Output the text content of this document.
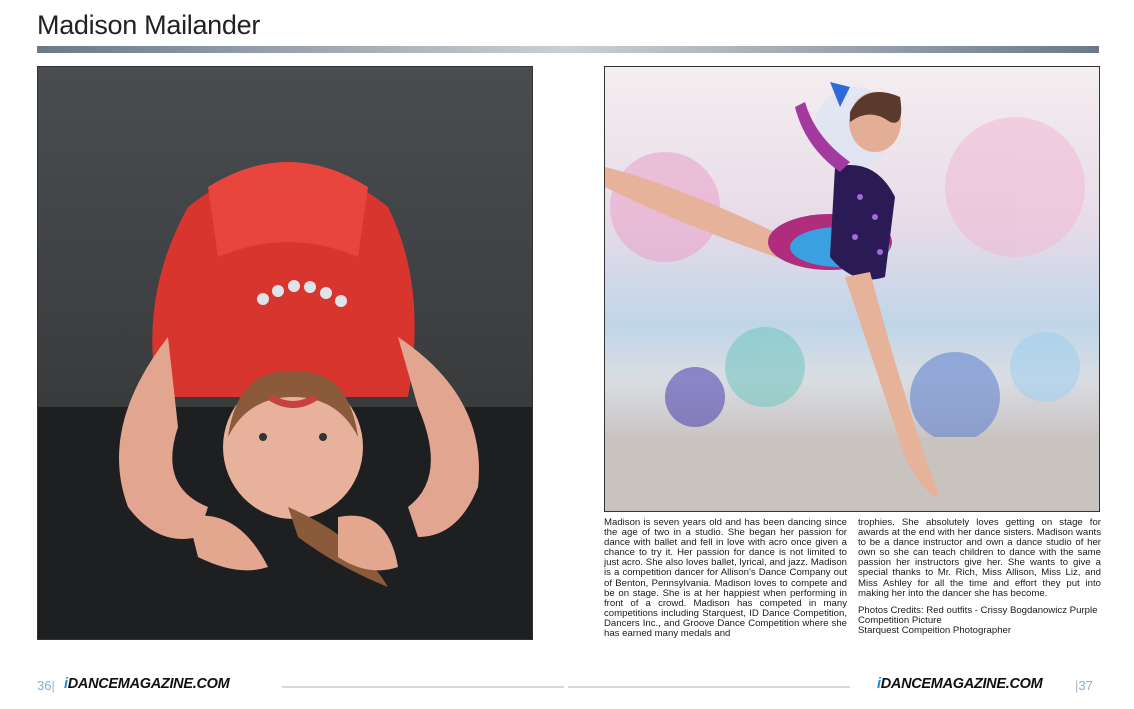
Madison Mailander

Madison is seven years old and has been dancing since the age of two in a studio. She began her passion for dance with ballet and fell in love with acro once given a chance to try it. Her passion for dance is not limited to just acro. She also loves ballet, lyrical, and jazz. Madison is a competition dancer for Allison's Dance Company out of Benton, Pennsylvania. Madison loves to compete and be on stage. She is at her happiest when performing in front of a crowd. Madison has competed in many competitions including Starquest, ID Dance Competition, Dancers Inc., and Groove Dance Competition where she has earned many medals and

trophies. She absolutely loves getting on stage for awards at the end with her dance sisters. Madison wants to be a dance instructor and own a dance studio of her own so she can teach children to dance with the same passion her instructors give her. She wants to give a special thanks to Mr. Rich, Miss Allison, Miss Liz, and Miss Ashley for all the time and effort they put into making her into the dancer she has become.

Photos Credits: Red outfits - Crissy Bogdanowicz Purple Competition Picture
Starquest Compeition Photographer

36| iDANCEMAGAZINE.COM	iDANCEMAGAZINE.COM	|37
